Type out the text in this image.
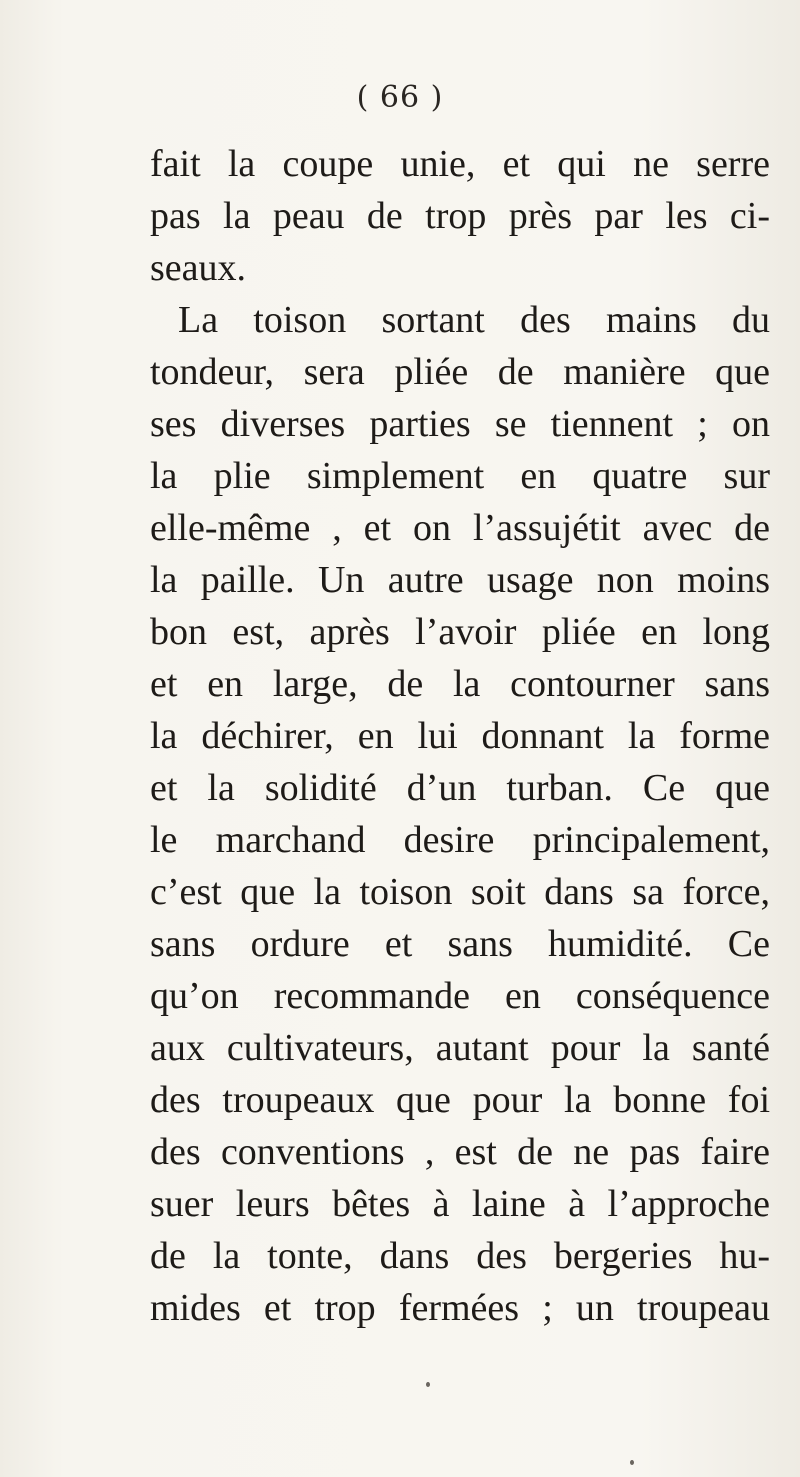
( 66 )
fait la coupe unie, et qui ne serre
pas la peau de trop près par les ci-
seaux.
La toison sortant des mains du
tondeur, sera pliée de manière que
ses diverses parties se tiennent ; on
la plie simplement en quatre sur
elle-même , et on l’assujétit avec de
la paille. Un autre usage non moins
bon est, après l’avoir pliée en long
et en large, de la contourner sans
la déchirer, en lui donnant la forme
et la solidité d’un turban. Ce que
le marchand desire principalement,
c’est que la toison soit dans sa force,
sans ordure et sans humidité. Ce
qu’on recommande en conséquence
aux cultivateurs, autant pour la santé
des troupeaux que pour la bonne foi
des conventions , est de ne pas faire
suer leurs bêtes à laine à l’approche
de la tonte, dans des bergeries hu-
mides et trop fermées ; un troupeau
